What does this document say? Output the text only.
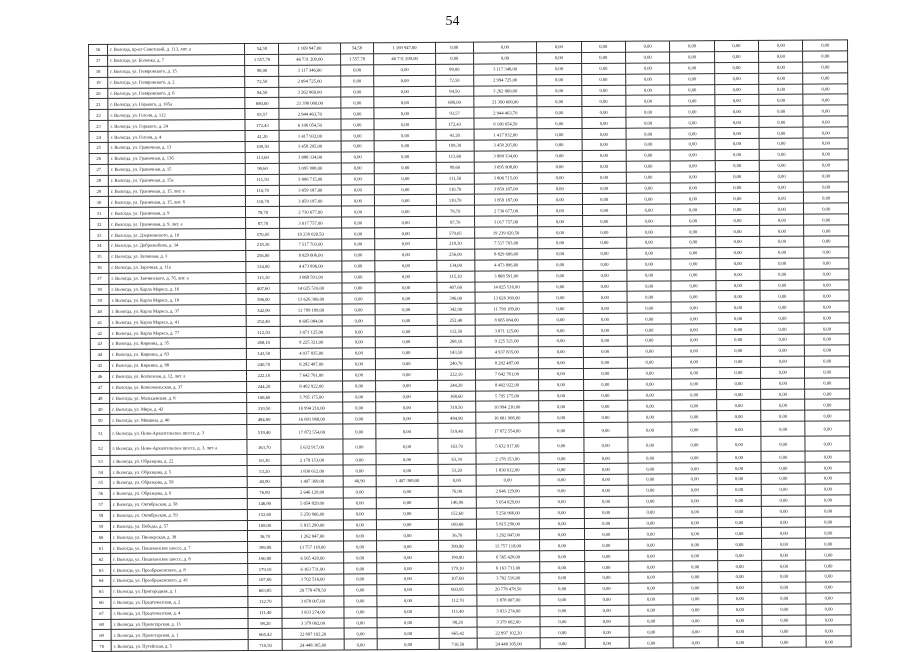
54
16	г. Вологда, пр-кт Советский, д. 113, лит. а	54,58	1 169 947,00	54,58	1 169 947,00	0,00	0,00	0,00	0,00	0,00	0,00	0,00	0,00	0,00
17	г. Вологда, ул. Болонка, д. 7	1 557,78	46 731 209,00	1 557,78	46 731 209,00	0,00	0,00	0,00	0,00	0,00	0,00	0,00	0,00	0,00
18	г. Вологда, ул. Гиляровского, д. 15	98,00	3 117 346,00	0,00	0,00	98,00	3 117 346,00	0,00	0,00	0,00	0,00	0,00	0,00	0,00
19	г. Вологда, ул. Гиляровского, д. 2	72,50	2 994 725,00	0,00	0,00	72,50	2 994 725,00	0,00	0,00	0,00	0,00	0,00	0,00	0,00
20	г. Вологда, ул. Гиляровского, д. 6	94,50	3 262 860,00	0,00	0,00	94,50	3 262 860,00	0,00	0,00	0,00	0,00	0,00	0,00	0,00
21	г. Вологда, ул. Горького, д. 105а	680,00	21 390 000,00	0,00	0,00	680,00	21 390 000,00	0,00	0,00	0,00	0,00	0,00	0,00	0,00
22	г. Вологда, ул. Гоголя, д. 112	93,57	2 944 463,70	0,00	0,00	93,57	2 944 463,70	0,00	0,00	0,00	0,00	0,00	0,00	0,00
23	г. Вологда, ул. Горького, д. 24	172,43	6 106 054,50	0,00	0,00	172,43	6 106 054,50	0,00	0,00	0,00	0,00	0,00	0,00	0,00
24	г. Вологда, ул. Гоголя, д. 4	41,20	1 417 932,00	0,00	0,00	41,20	1 417 932,00	0,00	0,00	0,00	0,00	0,00	0,00	0,00
25	г. Вологда, ул. Граничная, д. 13	109,30	3 458 205,00	0,00	0,00	109,30	3 458 205,00	0,00	0,00	0,00	0,00	0,00	0,00	0,00
26	г. Вологда, ул. Граничная, д. 13б	113,60	3 888 334,00	0,00	0,00	113,60	3 888 334,00	0,00	0,00	0,00	0,00	0,00	0,00	0,00
27	г. Вологда, ул. Граничная, д. 15	99,60	3 095 908,00	0,00	0,00	99,60	3 095 908,00	0,00	0,00	0,00	0,00	0,00	0,00	0,00
28	г. Вологда, ул. Граничная, д. 15а	111,50	3 806 715,00	0,00	0,00	111,50	3 806 715,00	0,00	0,00	0,00	0,00	0,00	0,00	0,00
29	г. Вологда, ул. Граничная, д. 15, лит. а	110,70	3 859 187,00	0,00	0,00	110,70	3 859 187,00	0,00	0,00	0,00	0,00	0,00	0,00	0,00
30	г. Вологда, ул. Граничная, д. 15, лит. б	110,70	3 859 187,00	0,00	0,00	110,70	3 859 187,00	0,00	0,00	0,00	0,00	0,00	0,00	0,00
31	г. Вологда, ул. Граничная, д. 9	78,70	2 730 677,00	0,00	0,00	78,70	2 730 677,00	0,00	0,00	0,00	0,00	0,00	0,00	0,00
32	г. Вологда, ул. Граничная, д. 9, лит. а	87,70	3 017 757,00	0,00	0,00	87,70	3 017 757,00	0,00	0,00	0,00	0,00	0,00	0,00	0,00
33	г. Вологда, ул. Дзержинского, д. 10	570,05	19 239 020,50	0,00	0,00	570,05	19 239 020,50	0,00	0,00	0,00	0,00	0,00	0,00	0,00
34	г. Вологда, ул. Добролюбова, д. 34	218,30	7 517 703,00	0,00	0,00	218,30	7 517 703,00	0,00	0,00	0,00	0,00	0,00	0,00	0,00
35	г. Вологда, ул. Залинная, д. 3	256,00	8 829 606,00	0,00	0,00	256,00	8 829 606,00	0,00	0,00	0,00	0,00	0,00	0,00	0,00
36	г. Вологда, ул. Заречная, д. 11а	134,00	4 473 896,00	0,00	0,00	134,00	4 473 896,00	0,00	0,00	0,00	0,00	0,00	0,00	0,00
37	г. Вологда, ул. Заячинского, д. 7б, лит. а	115,10	3 868 591,00	0,00	0,00	115,10	3 868 591,00	0,00	0,00	0,00	0,00	0,00	0,00	0,00
38	г. Вологда, ул. Карла Маркса, д. 16	407,60	14 025 516,00	0,00	0,00	407,60	14 025 516,00	0,00	0,00	0,00	0,00	0,00	0,00	0,00
39	г. Вологда, ул. Карла Маркса, д. 18	396,00	13 626 360,00	0,00	0,00	396,00	13 626 360,00	0,00	0,00	0,00	0,00	0,00	0,00	0,00
40	г. Вологда, ул. Карла Маркса, д. 37	342,90	11 799 189,00	0,00	0,00	342,90	11 799 189,00	0,00	0,00	0,00	0,00	0,00	0,00	0,00
41	г. Вологда, ул. Карла Маркса, д. 41	252,40	8 685 084,00	0,00	0,00	252,40	8 685 084,00	0,00	0,00	0,00	0,00	0,00	0,00	0,00
42	г. Вологда, ул. Карла Маркса, д. 77	112,50	3 871 125,00	0,00	0,00	112,50	3 871 125,00	0,00	0,00	0,00	0,00	0,00	0,00	0,00
43	г. Вологда, ул. Киркина, д. 35	268,10	9 225 321,00	0,00	0,00	268,10	9 225 321,00	0,00	0,00	0,00	0,00	0,00	0,00	0,00
44	г. Вологда, ул. Киркина, д. 83	143,50	4 937 835,00	0,00	0,00	143,50	4 937 835,00	0,00	0,00	0,00	0,00	0,00	0,00	0,00
45	г. Вологда, ул. Киркина, д. 88	240,70	8 282 487,00	0,00	0,00	240,70	8 282 487,00	0,00	0,00	0,00	0,00	0,00	0,00	0,00
46	г. Вологда, ул. Колхозная, д. 12, лит. а	222,10	7 642 761,00	0,00	0,00	222,10	7 642 761,00	0,00	0,00	0,00	0,00	0,00	0,00	0,00
47	г. Вологда, ул. Комсомольская, д. 37	244,20	8 402 922,00	0,00	0,00	244,20	8 402 922,00	0,00	0,00	0,00	0,00	0,00	0,00	0,00
48	г. Вологда, ул. Мальцевская, д. 8	168,60	5 795 175,00	0,00	0,00	168,60	5 795 175,00	0,00	0,00	0,00	0,00	0,00	0,00	0,00
49	г. Вологда, ул. Мира, д. 42	319,50	10 994 210,00	0,00	0,00	319,50	10 994 210,00	0,00	0,00	0,00	0,00	0,00	0,00	0,00
50	г. Вологда, ул. Мишина, д. 40	484,80	16 681 968,00	0,00	0,00	484,80	16 681 968,00	0,00	0,00	0,00	0,00	0,00	0,00	0,00
51	г. Вологда, ул. Ново-Архангельское шоссе, д. 3	519,40	17 872 554,00	0,00	0,00	519,40	17 872 554,00	0,00	0,00	0,00	0,00	0,00	0,00	0,00
52	г. Вологда, ул. Ново-Архангельское шоссе, д. 3, лит. а	163,70	5 632 917,00	0,00	0,00	163,70	5 632 917,00	0,00	0,00	0,00	0,00	0,00	0,00	0,00
53	г. Вологда, ул. Образцова, д. 22	63,30	2 178 153,00	0,00	0,00	63,30	2 178 153,00	0,00	0,00	0,00	0,00	0,00	0,00	0,00
54	г. Вологда, ул. Образцова, д. 5	53,20	1 830 612,00	0,00	0,00	53,20	1 830 612,00	0,00	0,00	0,00	0,00	0,00	0,00	0,00
55	г. Вологда, ул. Образцова, д. 58	40,90	1 407 369,00	40,90	1 407 369,00	0,00	0,00	0,00	0,00	0,00	0,00	0,00	0,00	0,00
56	г. Вологда, ул. Образцова, д. 6	76,90	2 646 129,00	0,00	0,00	76,90	2 646 129,00	0,00	0,00	0,00	0,00	0,00	0,00	0,00
57	г. Вологда, ул. Октябрьская, д. 58	146,90	5 054 829,00	0,00	0,00	146,90	5 054 829,00	0,00	0,00	0,00	0,00	0,00	0,00	0,00
58	г. Вологда, ул. Октябрьская, д. 59	152,60	5 250 966,00	0,00	0,00	152,60	5 250 966,00	0,00	0,00	0,00	0,00	0,00	0,00	0,00
59	г. Вологда, ул. Победы, д. 57	169,00	5 815 290,00	0,00	0,00	169,00	5 815 290,00	0,00	0,00	0,00	0,00	0,00	0,00	0,00
60	г. Вологда, ул. Пионерская, д. 38	36,70	1 262 847,00	0,00	0,00	36,70	1 262 847,00	0,00	0,00	0,00	0,00	0,00	0,00	0,00
61	г. Вологда, ул. Пошехонское шоссе, д. 7	399,80	13 757 118,00	0,00	0,00	399,80	13 757 118,00	0,00	0,00	0,00	0,00	0,00	0,00	0,00
62	г. Вологда, ул. Пошехонское шоссе, д. 8	190,80	6 565 428,00	0,00	0,00	190,80	6 565 428,00	0,00	0,00	0,00	0,00	0,00	0,00	0,00
63	г. Вологда, ул. Преображенского, д. 8	179,10	6 163 731,00	0,00	0,00	179,10	6 163 731,00	0,00	0,00	0,00	0,00	0,00	0,00	0,00
64	г. Вологда, ул. Преображенского, д. 41	107,60	3 702 516,00	0,00	0,00	107,60	3 702 516,00	0,00	0,00	0,00	0,00	0,00	0,00	0,00
65	г. Вологда, ул. Пригородная, д. 1	603,85	20 778 478,50	0,00	0,00	603,85	20 778 478,50	0,00	0,00	0,00	0,00	0,00	0,00	0,00
66	г. Вологда, ул. Предтеченская, д. 2	112,70	3 878 007,00	0,00	0,00	112,70	3 878 007,00	0,00	0,00	0,00	0,00	0,00	0,00	0,00
67	г. Вологда, ул. Предтеченская, д. 4	111,40	3 833 274,00	0,00	0,00	111,40	3 833 274,00	0,00	0,00	0,00	0,00	0,00	0,00	0,00
68	г. Вологда, ул. Пролетарская, д. 13	98,20	3 379 062,00	0,00	0,00	98,20	3 379 062,00	0,00	0,00	0,00	0,00	0,00	0,00	0,00
69	г. Вологда, ул. Пролетарская, д. 1	665,42	22 897 102,20	0,00	0,00	665,42	22 897 102,20	0,00	0,00	0,00	0,00	0,00	0,00	0,00
70	г. Вологда, ул. Путейская, д. 5	710,50	24 448 305,00	0,00	0,00	710,50	24 448 305,00	0,00	0,00	0,00	0,00	0,00	0,00	0,00
